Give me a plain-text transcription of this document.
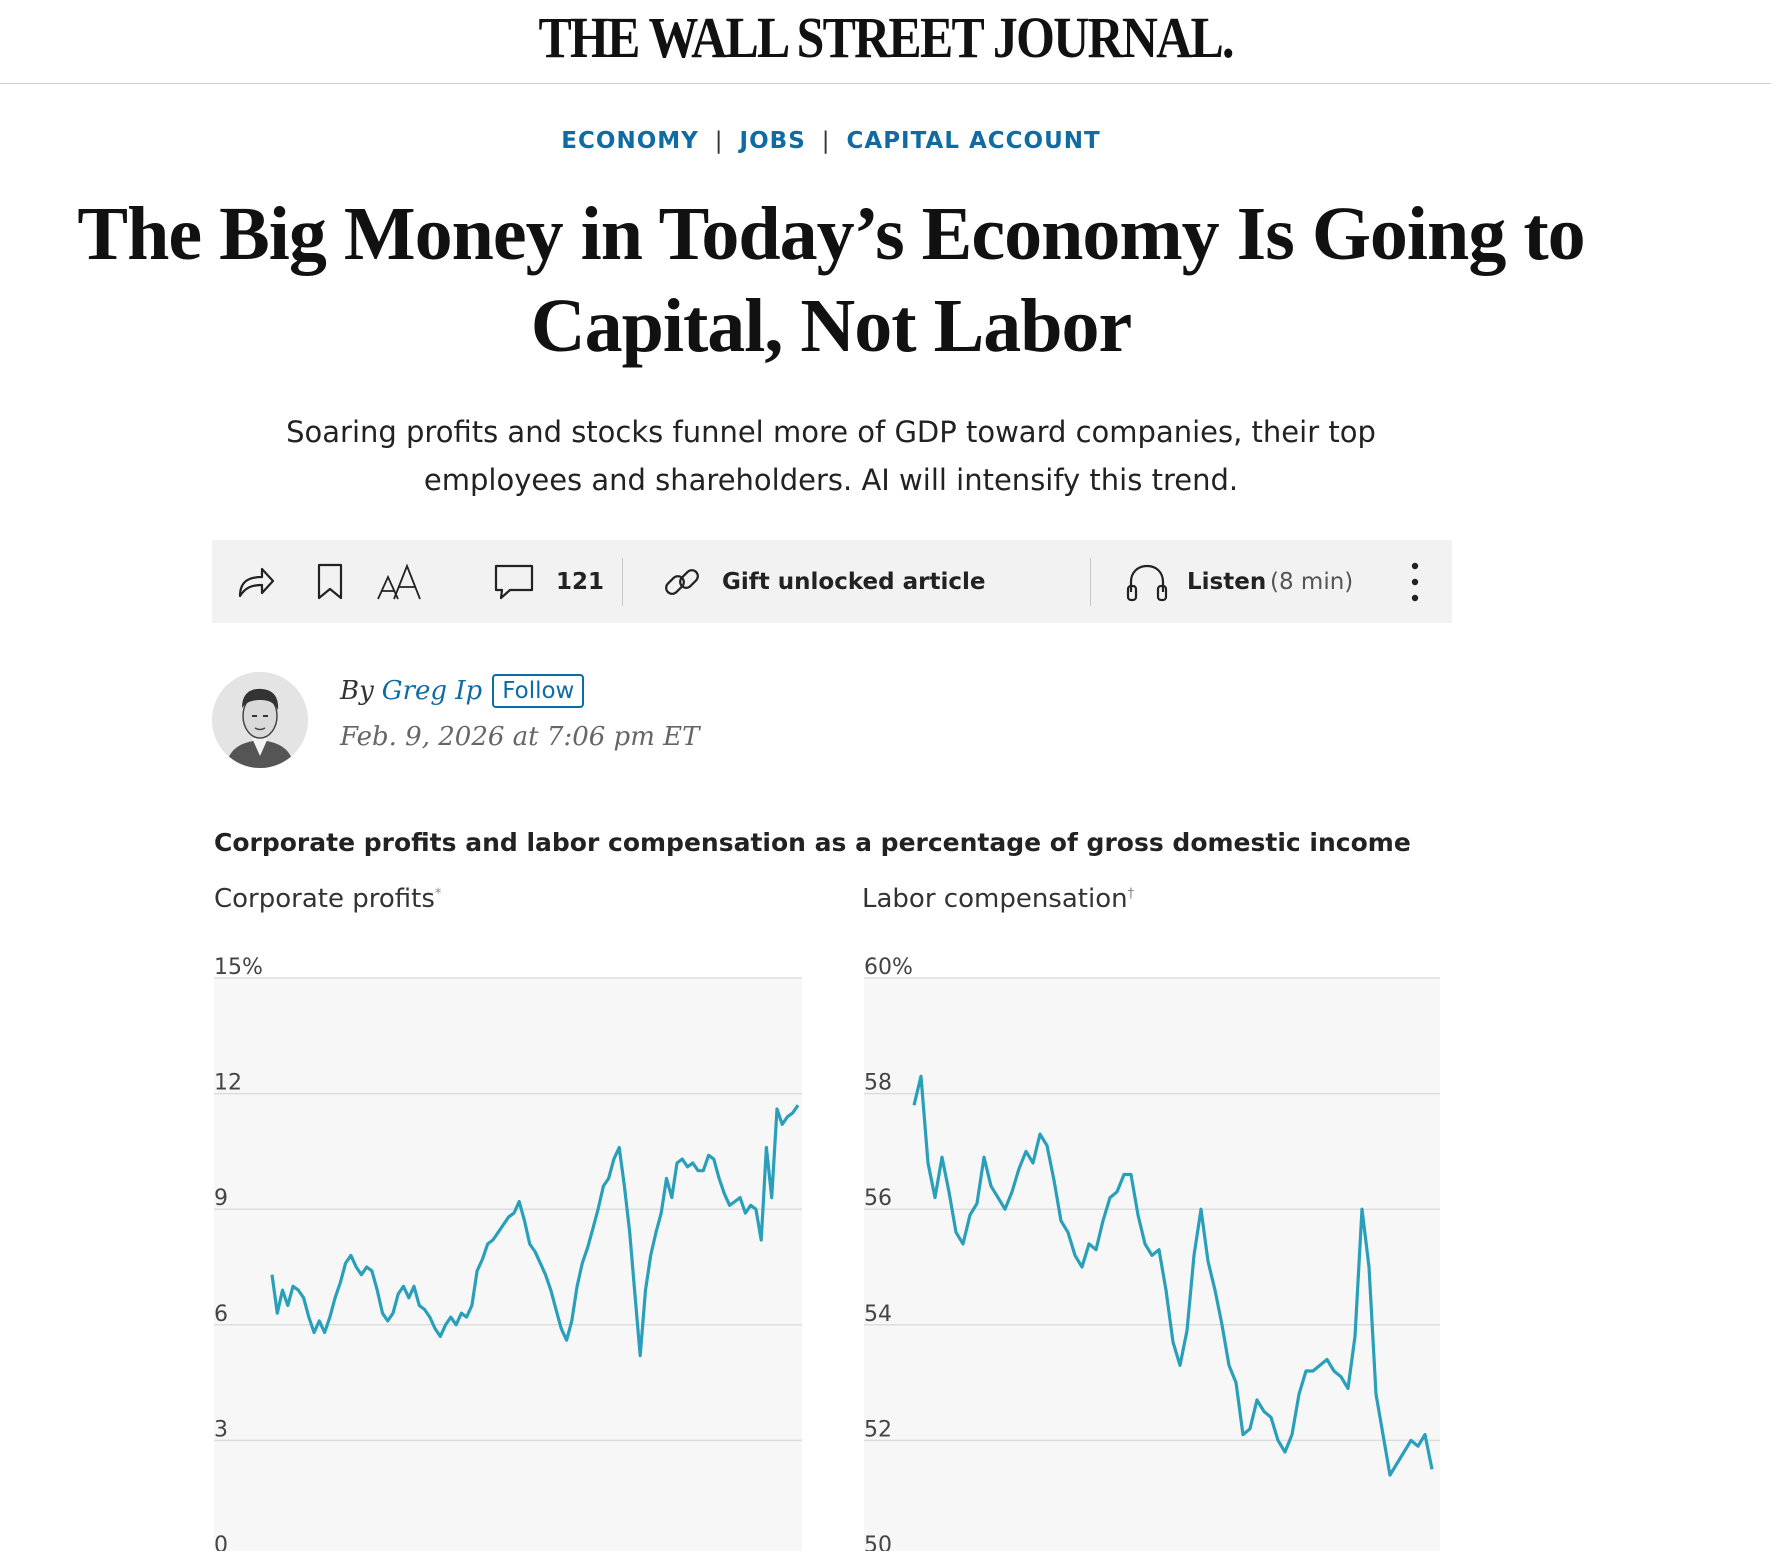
THE WALL STREET JOURNAL.
ECONOMY | JOBS | CAPITAL ACCOUNT
The Big Money in Today’s Economy Is Going to Capital, Not Labor

Soaring profits and stocks funnel more of GDP toward companies, their top employees and shareholders. AI will intensify this trend.

121	Gift unlocked article	Listen (8 min)
By Greg Ip Follow
Feb. 9, 2026 at 7:06 pm ET
Corporate profits and labor compensation as a percentage of gross domestic income
Corporate profits*	Labor compensation†
15%
12
9
6
3
0
60%
58
56
54
52
50
